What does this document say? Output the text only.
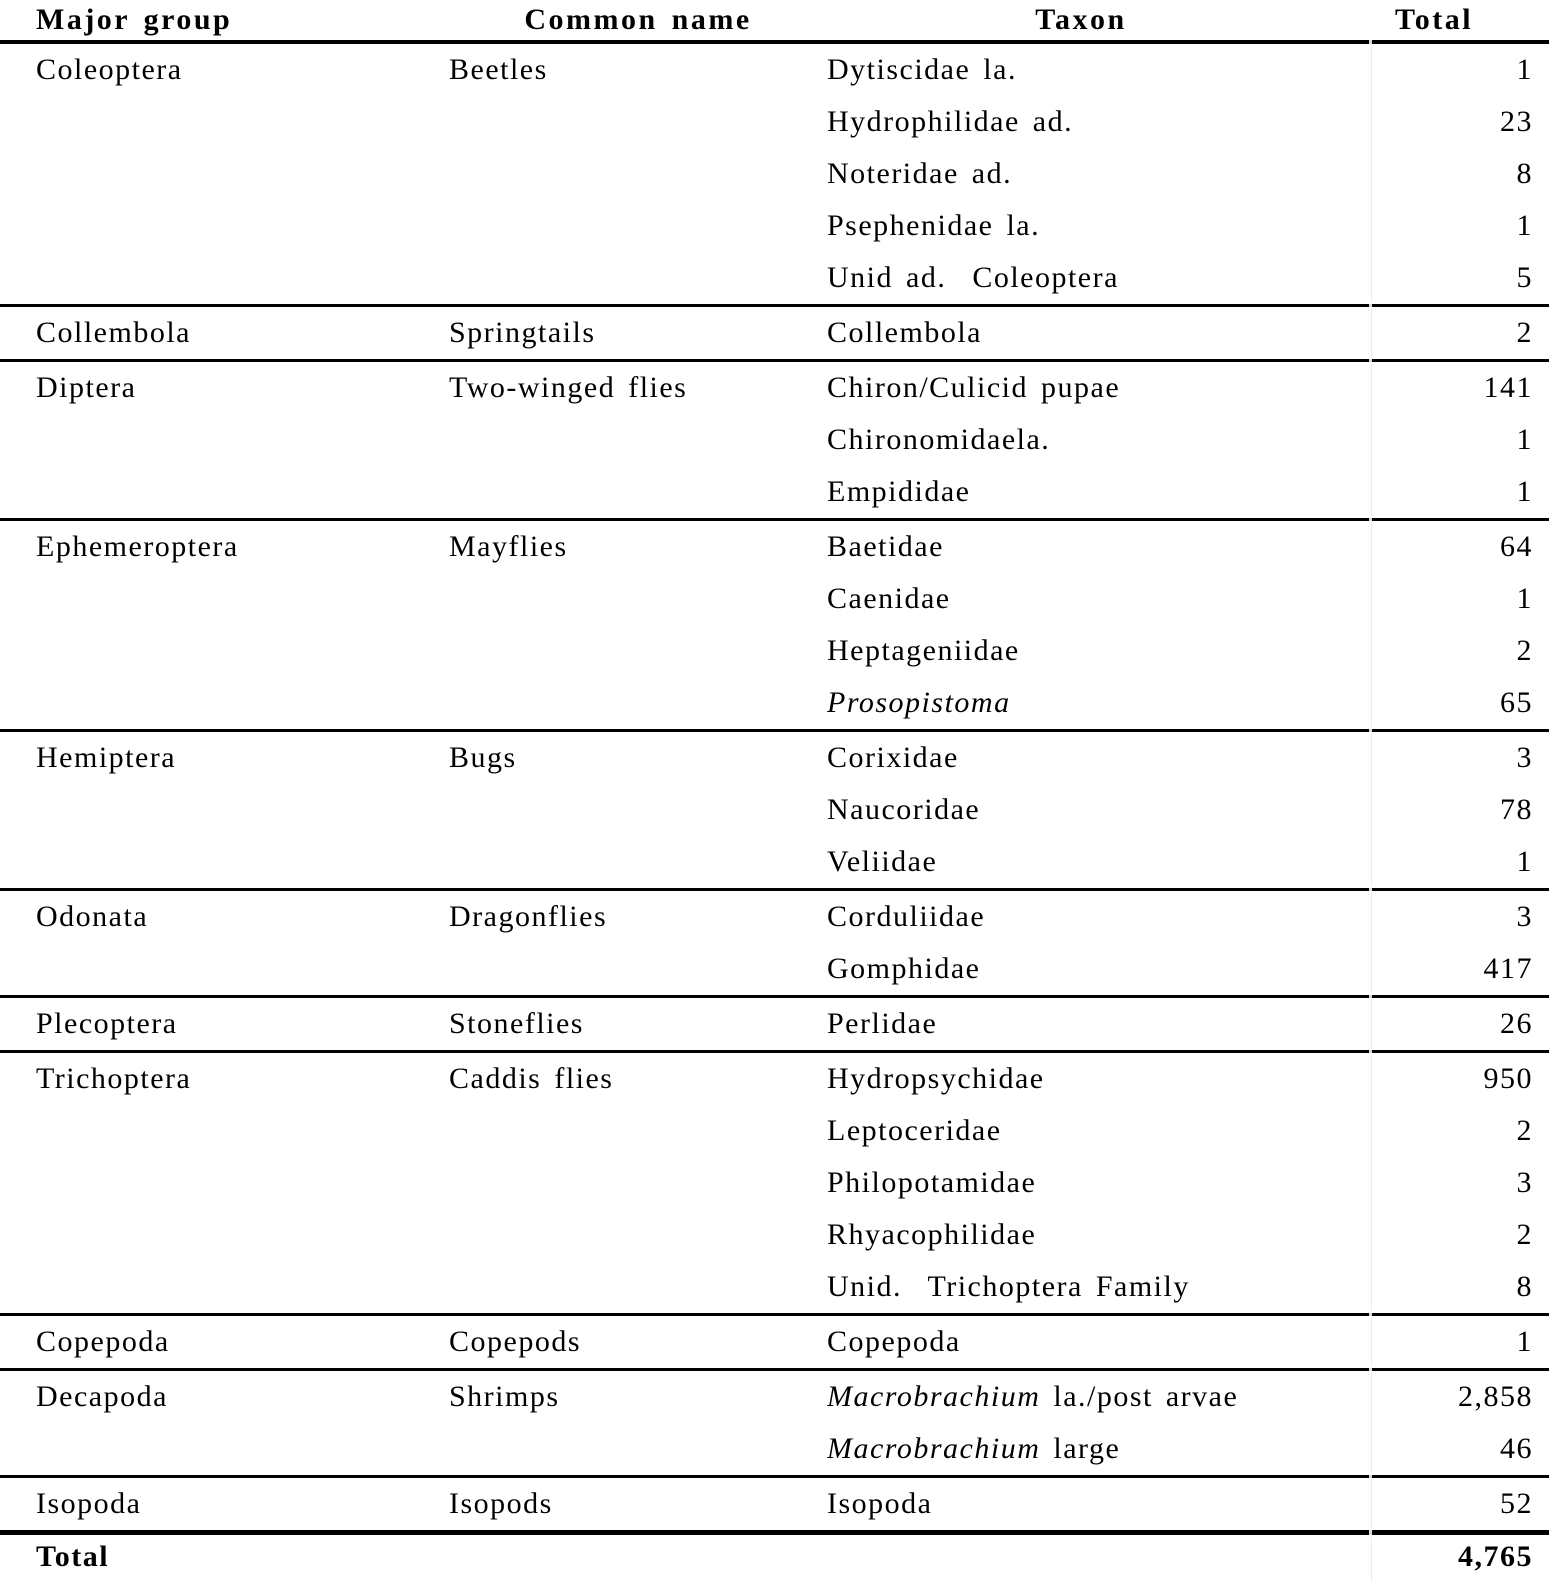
Major group	Common name	Taxon	Total
Coleoptera	Beetles	Dytiscidae la.	1
Hydrophilidae ad.	23
Noteridae ad.	8
Psephenidae la.	1
Unid ad.  Coleoptera	5
Collembola	Springtails	Collembola	2
Diptera	Two-winged flies	Chiron/Culicid pupae	141
Chironomidaela.	1
Empididae	1
Ephemeroptera	Mayflies	Baetidae	64
Caenidae	1
Heptageniidae	2
Prosopistoma	65
Hemiptera	Bugs	Corixidae	3
Naucoridae	78
Veliidae	1
Odonata	Dragonflies	Corduliidae	3
Gomphidae	417
Plecoptera	Stoneflies	Perlidae	26
Trichoptera	Caddis flies	Hydropsychidae	950
Leptoceridae	2
Philopotamidae	3
Rhyacophilidae	2
Unid.  Trichoptera Family	8
Copepoda	Copepods	Copepoda	1
Decapoda	Shrimps	Macrobrachium la./post arvae	2,858
Macrobrachium large	46
Isopoda	Isopods	Isopoda	52
Total	4,765
